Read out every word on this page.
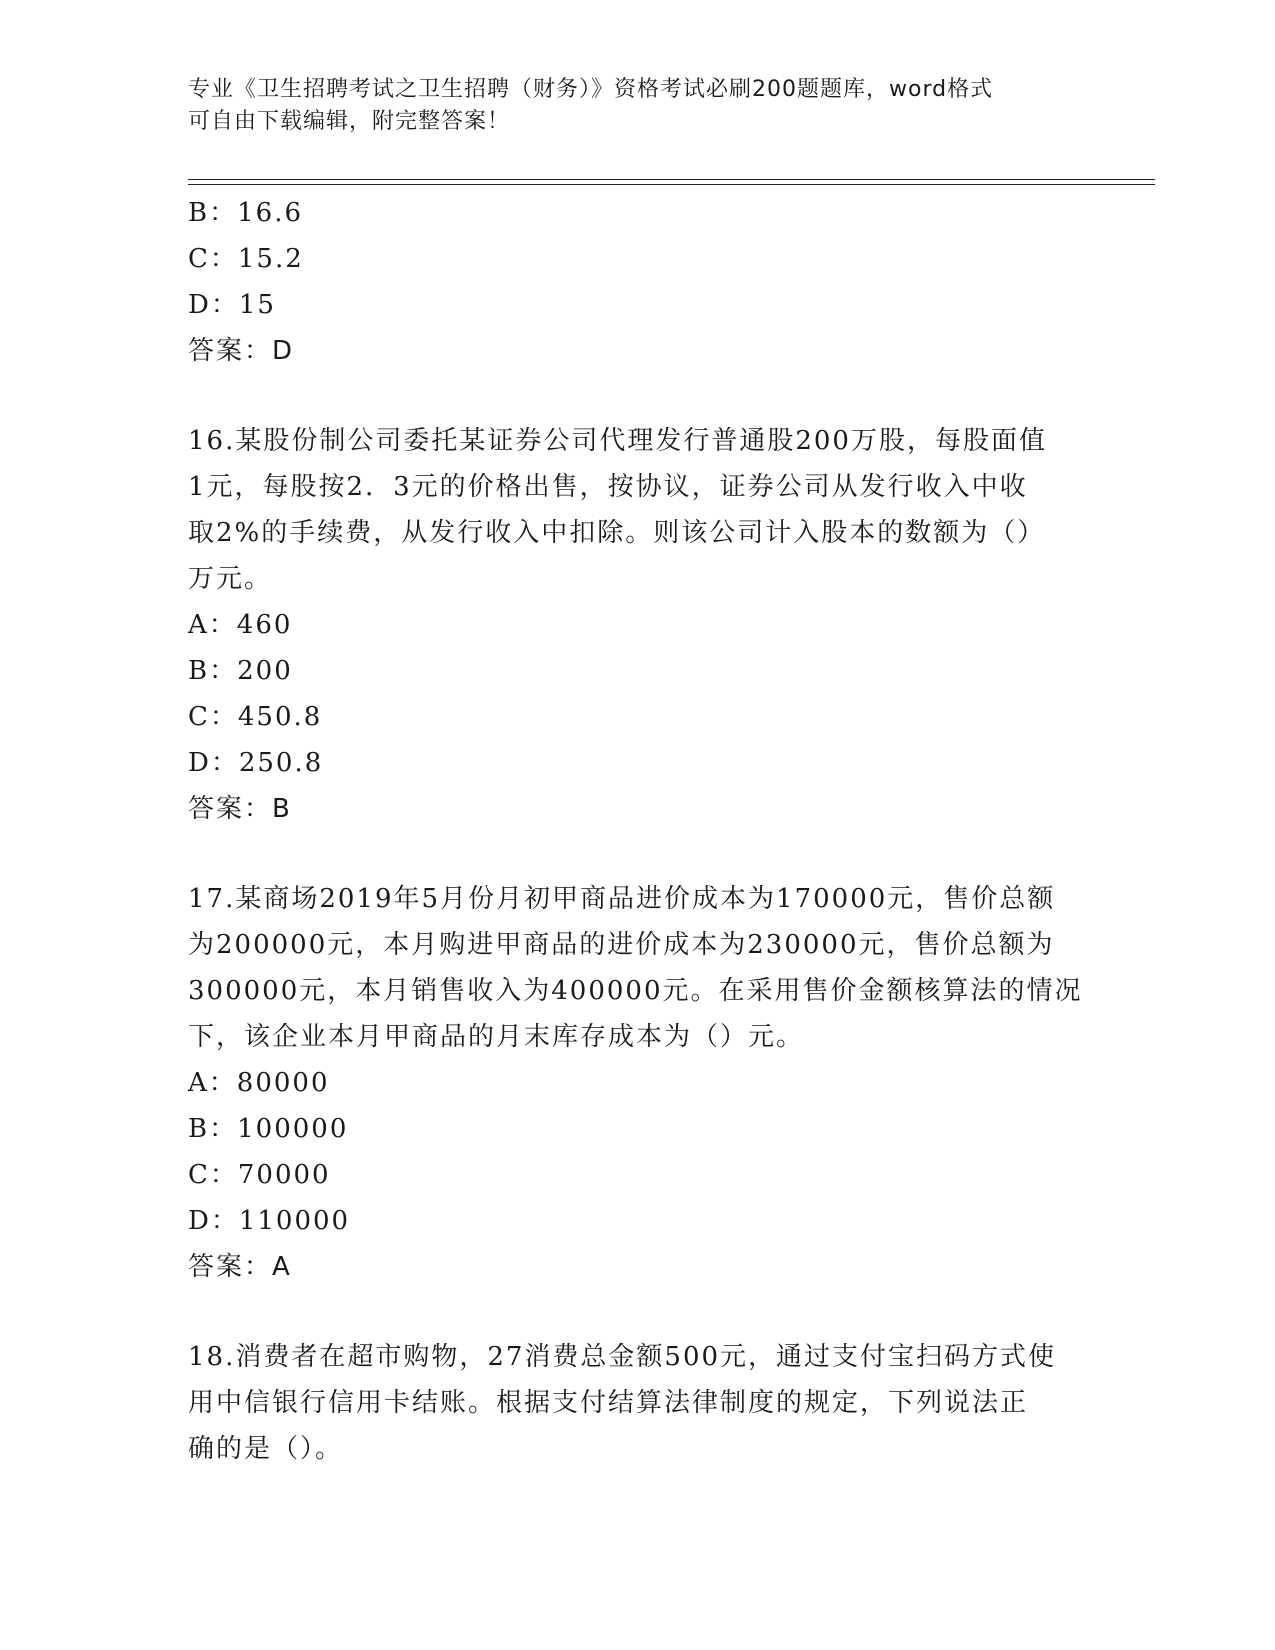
专业《卫生招聘考试之卫生招聘（财务）》资格考试必刷200题题库，word格式
可自由下载编辑，附完整答案！
B：16.6
C：15.2
D：15
答案：D
16.某股份制公司委托某证券公司代理发行普通股200万股，每股面值
1元，每股按2．3元的价格出售，按协议，证券公司从发行收入中收
取2%的手续费，从发行收入中扣除。则该公司计入股本的数额为（）
万元。
A：460
B：200
C：450.8
D：250.8
答案：B
17.某商场2019年5月份月初甲商品进价成本为170000元，售价总额
为200000元，本月购进甲商品的进价成本为230000元，售价总额为
300000元，本月销售收入为400000元。在采用售价金额核算法的情况
下，该企业本月甲商品的月末库存成本为（）元。
A：80000
B：100000
C：70000
D：110000
答案：A
18.消费者在超市购物，27消费总金额500元，通过支付宝扫码方式使
用中信银行信用卡结账。根据支付结算法律制度的规定，下列说法正
确的是（）。
